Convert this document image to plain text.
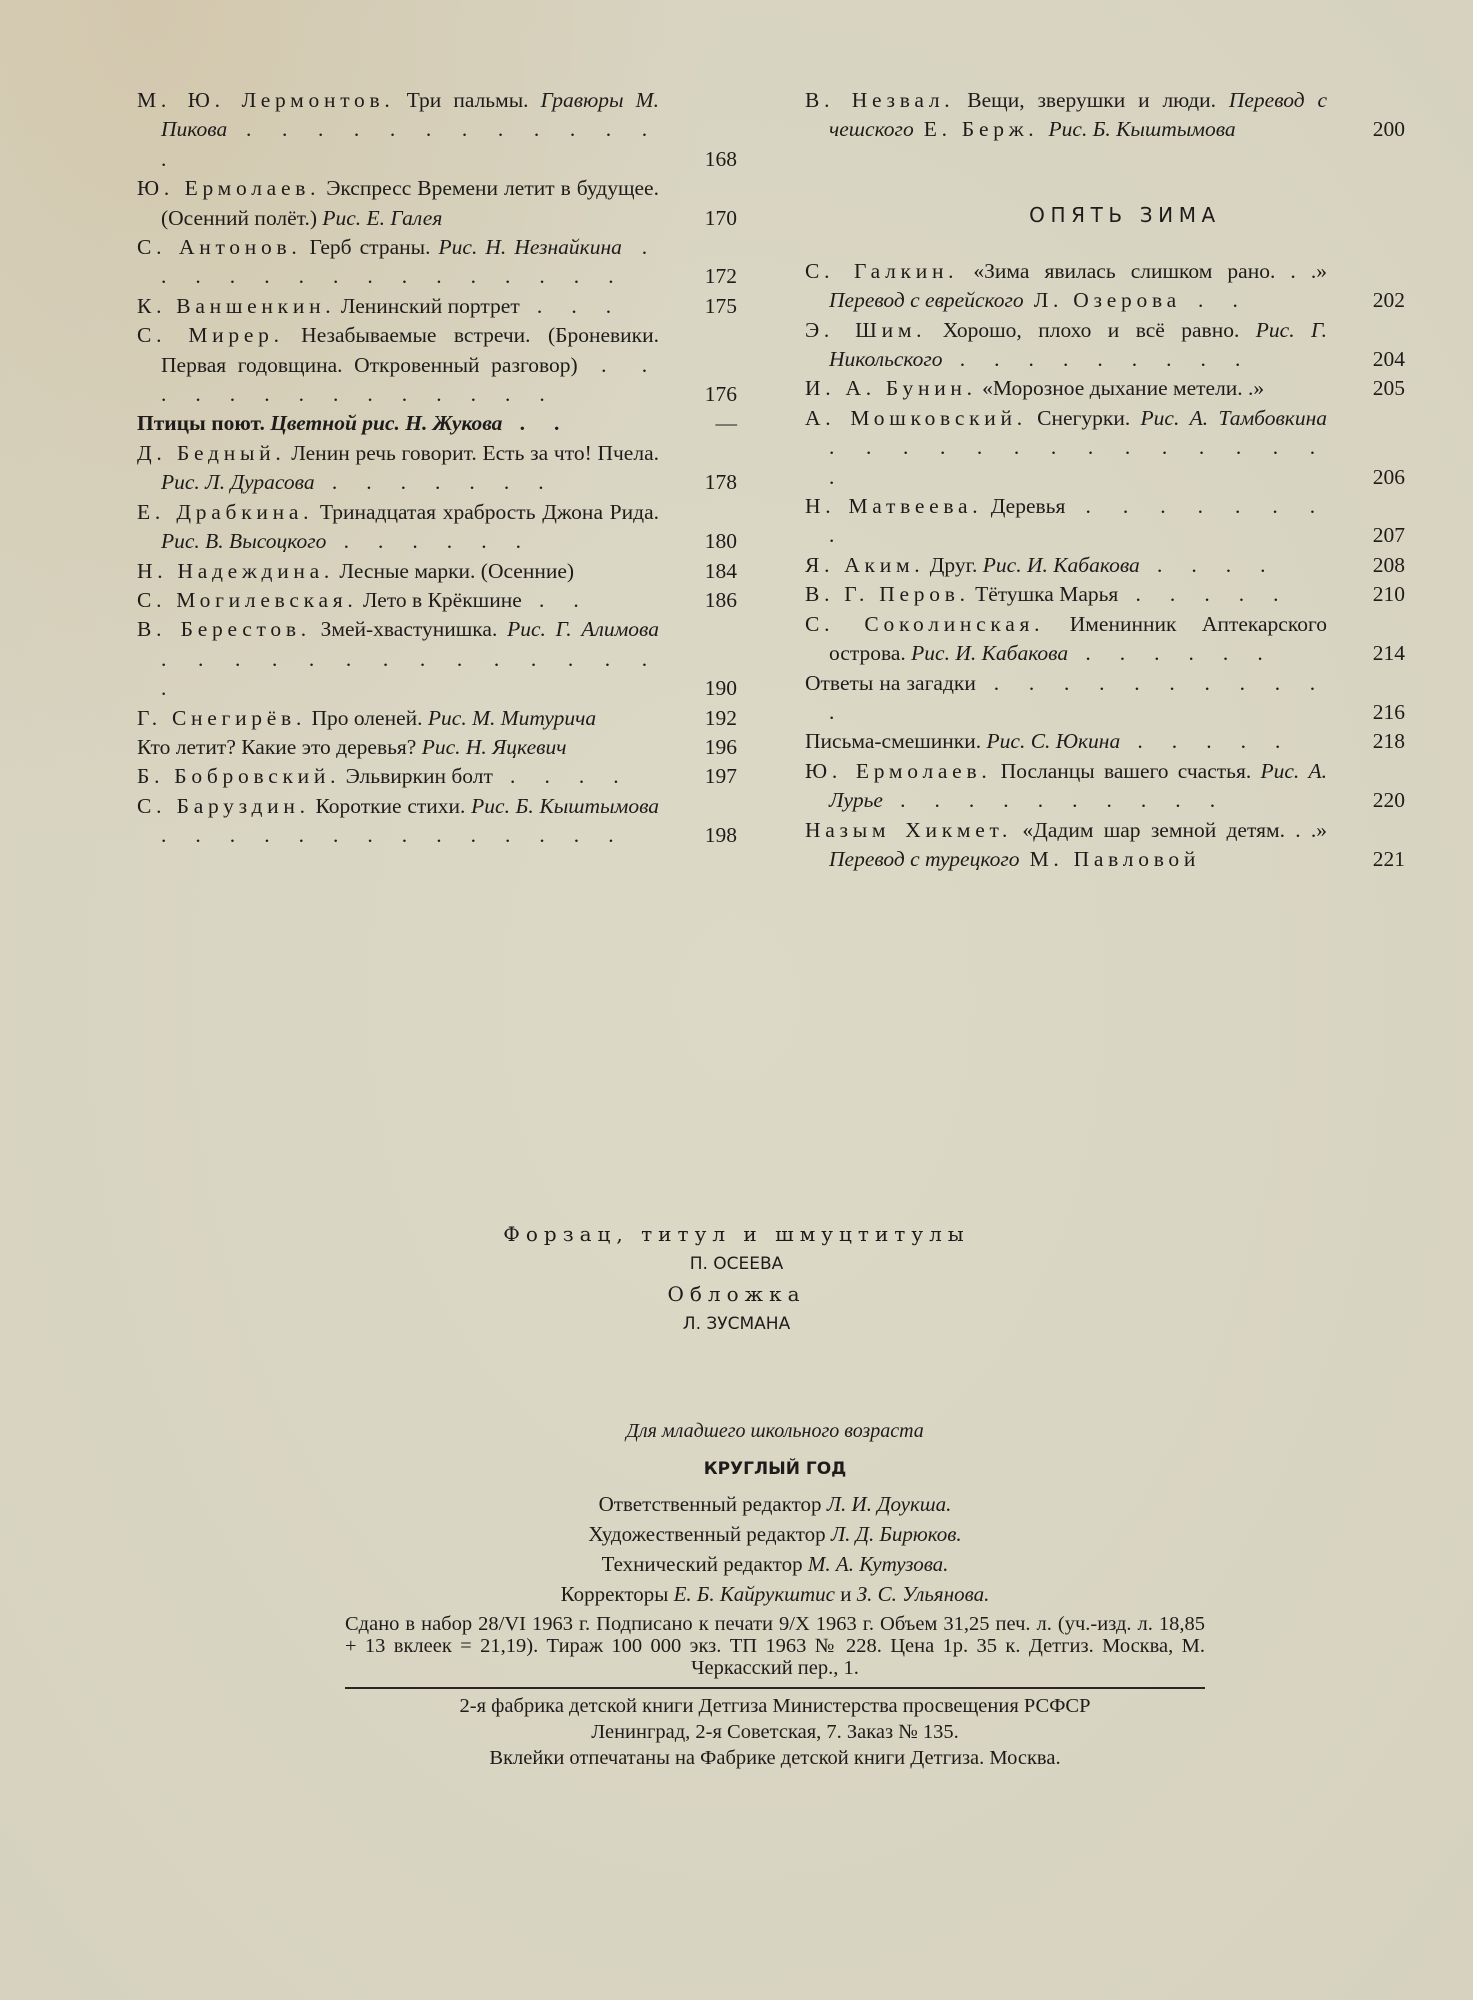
М. Ю. Лермонтов. Три пальмы. Гравюры М. Пикова . . . . . . . . . . . . .	168
Ю. Ермолаев. Экспресс Времени летит в будущее. (Осенний полёт.) Рис. Е. Галея	170
С. Антонов. Герб страны. Рис. Н. Незнайкина . . . . . . . . . . . . . . .	172
К. Ваншенкин. Ленинский портрет . . .	175
С. Мирер. Незабываемые встречи. (Броневики. Первая годовщина. Откровенный разговор) . . . . . . . . . . . . . .	176
Птицы поют. Цветной рис. Н. Жукова . .	—
Д. Бедный. Ленин речь говорит. Есть за что! Пчела. Рис. Л. Дурасова . . . . . . .	178
Е. Драбкина. Тринадцатая храбрость Джона Рида. Рис. В. Высоцкого . . . . . .	180
Н. Надеждина. Лесные марки. (Осенние)	184
С. Могилевская. Лето в Крёкшине . .	186
В. Берестов. Змей-хвастунишка. Рис. Г. Алимова . . . . . . . . . . . . . . .	190
Г. Снегирёв. Про оленей. Рис. М. Митурича	192
Кто летит? Какие это деревья? Рис. Н. Яцкевич	196
Б. Бобровский. Эльвиркин болт . . . .	197
С. Баруздин. Короткие стихи. Рис. Б. Кыштымова . . . . . . . . . . . . . .	198
В. Незвал. Вещи, зверушки и люди. Перевод с чешского Е. Берж. Рис. Б. Кыштымова	200
ОПЯТЬ ЗИМА
С. Галкин. «Зима явилась слишком рано. . .» Перевод с еврейского Л. Озерова . .	202
Э. Шим. Хорошо, плохо и всё равно. Рис. Г. Никольского . . . . . . . . .	204
И. А. Бунин. «Морозное дыхание метели. .»	205
А. Мошковский. Снегурки. Рис. А. Тамбовкина . . . . . . . . . . . . . . .	206
Н. Матвеева. Деревья . . . . . . . .	207
Я. Аким. Друг. Рис. И. Кабакова . . . .	208
В. Г. Перов. Тётушка Марья . . . . .	210
С. Соколинская. Именинник Аптекарского острова. Рис. И. Кабакова . . . . . .	214
Ответы на загадки . . . . . . . . . . .	216
Письма-смешинки. Рис. С. Юкина . . . . .	218
Ю. Ермолаев. Посланцы вашего счастья. Рис. А. Лурье . . . . . . . . . .	220
Назым Хикмет. «Дадим шар земной детям. . .» Перевод с турецкого М. Павловой	221
Форзац, титул и шмуцтитулы
П. ОСЕЕВА
Обложка
Л. ЗУСМАНА
Для младшего школьного возраста
КРУГЛЫЙ ГОД
Ответственный редактор Л. И. Доукша.
Художественный редактор Л. Д. Бирюков.
Технический редактор М. А. Кутузова.
Корректоры Е. Б. Кайрукштис и З. С. Ульянова.
Сдано в набор 28/VI 1963 г. Подписано к печати 9/X 1963 г. Объем 31,25 печ. л. (уч.-изд. л. 18,85 + 13 вклеек = 21,19). Тираж 100 000 экз. ТП 1963 № 228. Цена 1р. 35 к. Детгиз. Москва, М. Черкасский пер., 1.
2-я фабрика детской книги Детгиза Министерства просвещения РСФСР
Ленинград, 2-я Советская, 7. Заказ № 135.
Вклейки отпечатаны на Фабрике детской книги Детгиза. Москва.
